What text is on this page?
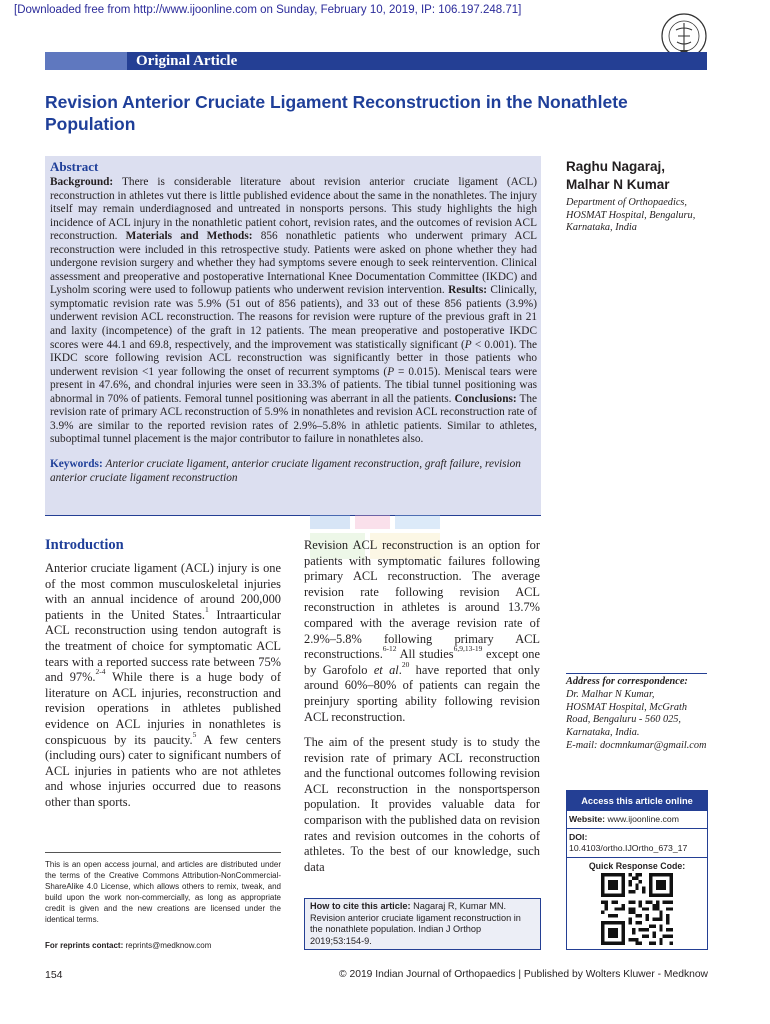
[Downloaded free from http://www.ijoonline.com on Sunday, February 10, 2019, IP: 106.197.248.71]
Original Article
Revision Anterior Cruciate Ligament Reconstruction in the Nonathlete Population
Abstract

Background: There is considerable literature about revision anterior cruciate ligament (ACL) reconstruction in athletes vut there is little published evidence about the same in the nonathletes. The injury itself may remain underdiagnosed and untreated in nonsports persons. This study highlights the high incidence of ACL injury in the nonathletic patient cohort, revision rates, and the outcomes of revision ACL reconstruction. Materials and Methods: 856 nonathletic patients who underwent primary ACL reconstruction were included in this retrospective study. Patients were asked on phone whether they had undergone revision surgery and whether they had symptoms severe enough to seek reintervention. Clinical assessment and preoperative and postoperative International Knee Documentation Committee (IKDC) and Lysholm scoring were used to followup patients who underwent revision intervention. Results: Clinically, symptomatic revision rate was 5.9% (51 out of 856 patients), and 33 out of these 856 patients (3.9%) underwent revision ACL reconstruction. The reasons for revision were rupture of the previous graft in 21 and laxity (incompetence) of the graft in 12 patients. The mean preoperative and postoperative IKDC scores were 44.1 and 69.8, respectively, and the improvement was statistically significant (P < 0.001). The IKDC score following revision ACL reconstruction was significantly better in those patients who underwent revision <1 year following the onset of recurrent symptoms (P = 0.015). Meniscal tears were present in 47.6%, and chondral injuries were seen in 33.3% of patients. The tibial tunnel positioning was abnormal in 70% of patients. Femoral tunnel positioning was aberrant in all the patients. Conclusions: The revision rate of primary ACL reconstruction of 5.9% in nonathletes and revision ACL reconstruction rate of 3.9% are similar to the reported revision rates of 2.9%–5.8% in athletic patients. Similar to athletes, suboptimal tunnel placement is the major contributor to failure in nonathletes also.

Keywords: Anterior cruciate ligament, anterior cruciate ligament reconstruction, graft failure, revision anterior cruciate ligament reconstruction
Raghu Nagaraj,
Malhar N Kumar
Department of Orthopaedics, HOSMAT Hospital, Bengaluru, Karnataka, India
Introduction

Anterior cruciate ligament (ACL) injury is one of the most common musculoskeletal injuries with an annual incidence of around 200,000 patients in the United States.$^1$ Intraarticular ACL reconstruction using tendon autograft is the treatment of choice for symptomatic ACL tears with a reported success rate between 75% and 97%.$^{2-4}$ While there is a huge body of literature on ACL injuries, reconstruction and revision operations in athletes published evidence on ACL injuries in nonathletes is conspicuous by its paucity.$^5$ A few centers (including ours) cater to significant numbers of ACL injuries in patients who are not athletes and whose injuries occurred due to reasons other than sports.

Revision ACL reconstruction is an option for patients with symptomatic failures following primary ACL reconstruction. The average revision rate following revision ACL reconstruction in athletes is around 13.7% compared with the average revision rate of 2.9%–5.8% following primary ACL reconstructions.$^{6-12}$ All studies$^{6,9,13-19}$ except one by Garofolo et al.$^{20}$ have reported that only around 60%–80% of patients can regain the preinjury sporting ability following revision ACL reconstruction.

The aim of the present study is to study the revision rate of primary ACL reconstruction and the functional outcomes following revision ACL reconstruction in the nonsportsperson population. It provides valuable data for comparison with the published data on revision rates and revision outcomes in the cohorts of athletes. To the best of our knowledge, such data

This is an open access journal, and articles are distributed under the terms of the Creative Commons Attribution-NonCommercial-ShareAlike 4.0 License, which allows others to remix, tweak, and build upon the work non-commercially, as long as appropriate credit is given and the new creations are licensed under the identical terms.

For reprints contact: reprints@medknow.com

How to cite this article: Nagaraj R, Kumar MN. Revision anterior cruciate ligament reconstruction in the nonathlete population. Indian J Orthop 2019;53:154-9.

Address for correspondence:
Dr. Malhar N Kumar,
HOSMAT Hospital, McGrath
Road, Bengaluru - 560 025,
Karnataka, India.
E-mail: docmnkumar@gmail.com
Access this article online
Website: www.ijoonline.com
DOI:
10.4103/ortho.IJOrtho_673_17
Quick Response Code:
154	© 2019 Indian Journal of Orthopaedics | Published by Wolters Kluwer - Medknow
